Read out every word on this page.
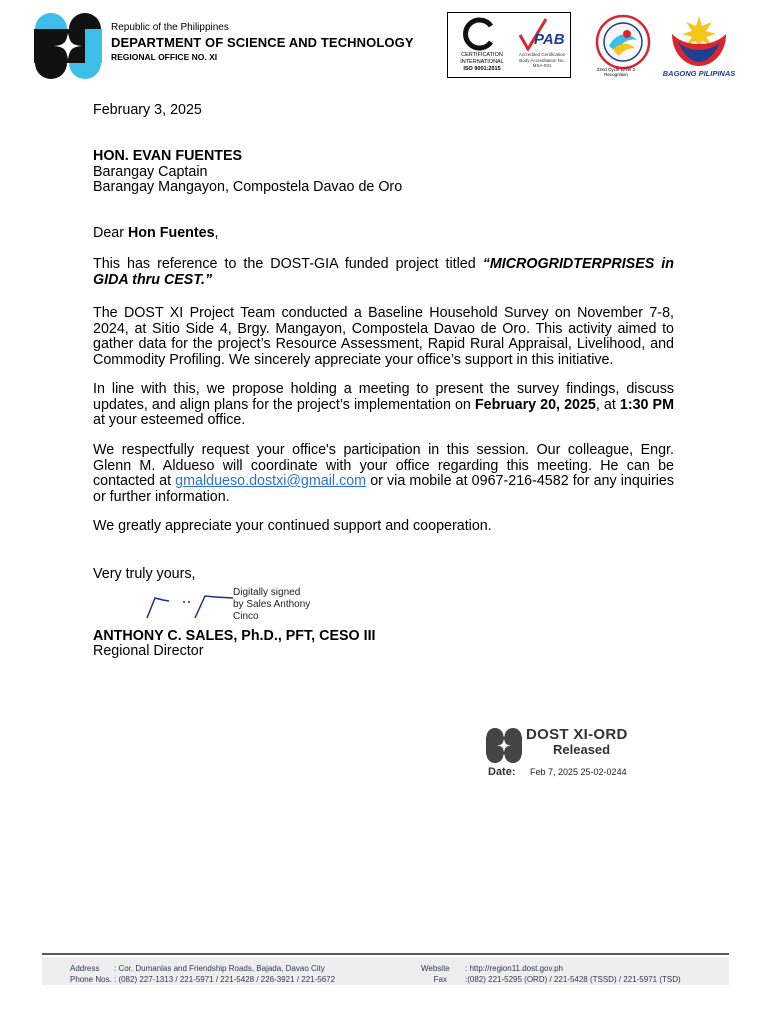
Republic of the Philippines
DEPARTMENT OF SCIENCE AND TECHNOLOGY
REGIONAL OFFICE NO. XI	CERTIFICATION
INTERNATIONAL
ISO 9001:2015
PAB
Accredited Certification Body Accreditation No. MSA-031
22nd Cycle Level 2 Recognition	BAGONG PILIPINAS
February 3, 2025
HON. EVAN FUENTES
Barangay Captain
Barangay Mangayon, Compostela Davao de Oro
Dear Hon Fuentes,
This has reference to the DOST-GIA funded project titled “MICROGRIDTERPRISES in GIDA thru CEST.”
The DOST XI Project Team conducted a Baseline Household Survey on November 7-8, 2024, at Sitio Side 4, Brgy. Mangayon, Compostela Davao de Oro. This activity aimed to gather data for the project’s Resource Assessment, Rapid Rural Appraisal, Livelihood, and Commodity Profiling. We sincerely appreciate your office’s support in this initiative.
In line with this, we propose holding a meeting to present the survey findings, discuss updates, and align plans for the project’s implementation on February 20, 2025, at 1:30 PM at your esteemed office.
We respectfully request your office's participation in this session. Our colleague, Engr. Glenn M. Aldueso will coordinate with your office regarding this meeting. He can be contacted at gmaldueso.dostxi@gmail.com or via mobile at 0967-216-4582 for any inquiries or further information.
We greatly appreciate your continued support and cooperation.
Very truly yours,
Digitally signed
by Sales Anthony
Cinco
ANTHONY C. SALES, Ph.D., PFT, CESO III
Regional Director
DOST XI-ORD
Released
Date: Feb 7, 2025 25-02-0244
Address : Cor. Dumanlas and Friendship Roads, Bajada, Davao City
Phone Nos. : (082) 227-1313 / 221-5971 / 221-5428 / 226-3921 / 221-5672
Website : http://region11.dost.gov.ph
Fax :(082) 221-5295 (ORD) / 221-5428 (TSSD) / 221-5971 (TSD)
